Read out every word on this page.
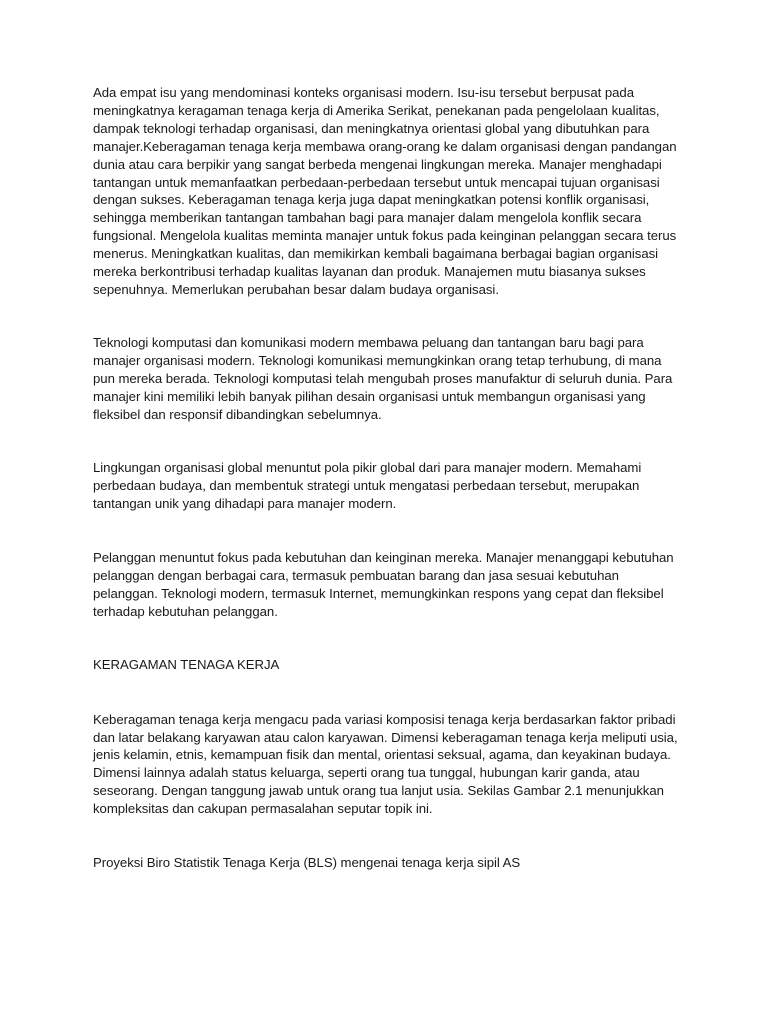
Ada empat isu yang mendominasi konteks organisasi modern. Isu-isu tersebut berpusat pada meningkatnya keragaman tenaga kerja di Amerika Serikat, penekanan pada pengelolaan kualitas, dampak teknologi terhadap organisasi, dan meningkatnya orientasi global yang dibutuhkan para manajer.Keberagaman tenaga kerja membawa orang-orang ke dalam organisasi dengan pandangan dunia atau cara berpikir yang sangat berbeda mengenai lingkungan mereka. Manajer menghadapi tantangan untuk memanfaatkan perbedaan-perbedaan tersebut untuk mencapai tujuan organisasi dengan sukses. Keberagaman tenaga kerja juga dapat meningkatkan potensi konflik organisasi, sehingga memberikan tantangan tambahan bagi para manajer dalam mengelola konflik secara fungsional. Mengelola kualitas meminta manajer untuk fokus pada keinginan pelanggan secara terus menerus. Meningkatkan kualitas, dan memikirkan kembali bagaimana berbagai bagian organisasi mereka berkontribusi terhadap kualitas layanan dan produk. Manajemen mutu biasanya sukses sepenuhnya. Memerlukan perubahan besar dalam budaya organisasi.

Teknologi komputasi dan komunikasi modern membawa peluang dan tantangan baru bagi para manajer organisasi modern. Teknologi komunikasi memungkinkan orang tetap terhubung, di mana pun mereka berada. Teknologi komputasi telah mengubah proses manufaktur di seluruh dunia. Para manajer kini memiliki lebih banyak pilihan desain organisasi untuk membangun organisasi yang fleksibel dan responsif dibandingkan sebelumnya.

Lingkungan organisasi global menuntut pola pikir global dari para manajer modern. Memahami perbedaan budaya, dan membentuk strategi untuk mengatasi perbedaan tersebut, merupakan tantangan unik yang dihadapi para manajer modern.

Pelanggan menuntut fokus pada kebutuhan dan keinginan mereka. Manajer menanggapi kebutuhan pelanggan dengan berbagai cara, termasuk pembuatan barang dan jasa sesuai kebutuhan pelanggan. Teknologi modern, termasuk Internet, memungkinkan respons yang cepat dan fleksibel terhadap kebutuhan pelanggan.

KERAGAMAN TENAGA KERJA

Keberagaman tenaga kerja mengacu pada variasi komposisi tenaga kerja berdasarkan faktor pribadi dan latar belakang karyawan atau calon karyawan. Dimensi keberagaman tenaga kerja meliputi usia, jenis kelamin, etnis, kemampuan fisik dan mental, orientasi seksual, agama, dan keyakinan budaya. Dimensi lainnya adalah status keluarga, seperti orang tua tunggal, hubungan karir ganda, atau seseorang. Dengan tanggung jawab untuk orang tua lanjut usia. Sekilas Gambar 2.1 menunjukkan kompleksitas dan cakupan permasalahan seputar topik ini.

Proyeksi Biro Statistik Tenaga Kerja (BLS) mengenai tenaga kerja sipil AS
